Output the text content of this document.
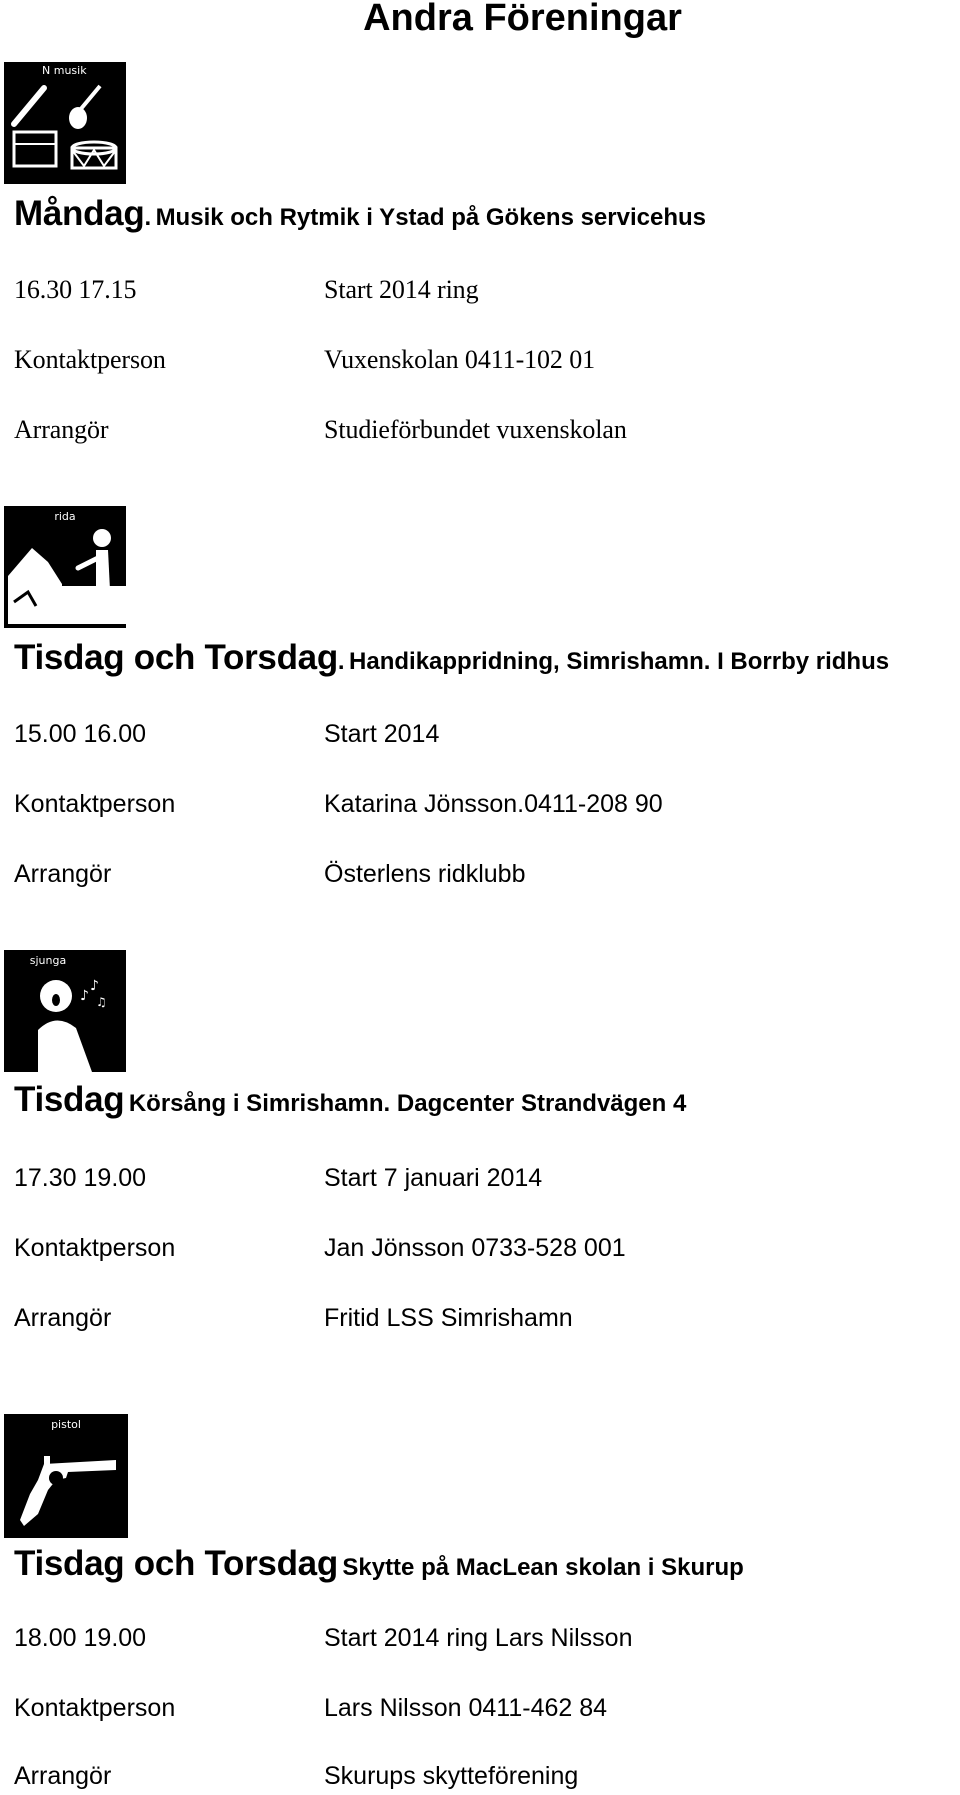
Andra Föreningar
N musik
Måndag. Musik och Rytmik i Ystad på Gökens servicehus
16.30 17.15	Start 2014 ring
Kontaktperson	Vuxenskolan 0411-102 01
Arrangör	Studieförbundet vuxenskolan
rida
Tisdag och Torsdag. Handikappridning, Simrishamn. I Borrby ridhus
15.00 16.00	Start 2014
Kontaktperson	Katarina Jönsson.0411-208 90
Arrangör	Österlens ridklubb
sjunga
♪
♪
♫
Tisdag Körsång i Simrishamn. Dagcenter Strandvägen 4
17.30 19.00	Start 7 januari 2014
Kontaktperson	Jan Jönsson 0733-528 001
Arrangör	Fritid LSS Simrishamn
pistol
Tisdag och Torsdag Skytte på MacLean skolan i Skurup
18.00 19.00	Start 2014 ring Lars Nilsson
Kontaktperson	Lars Nilsson 0411-462 84
Arrangör	Skurups skytteförening
